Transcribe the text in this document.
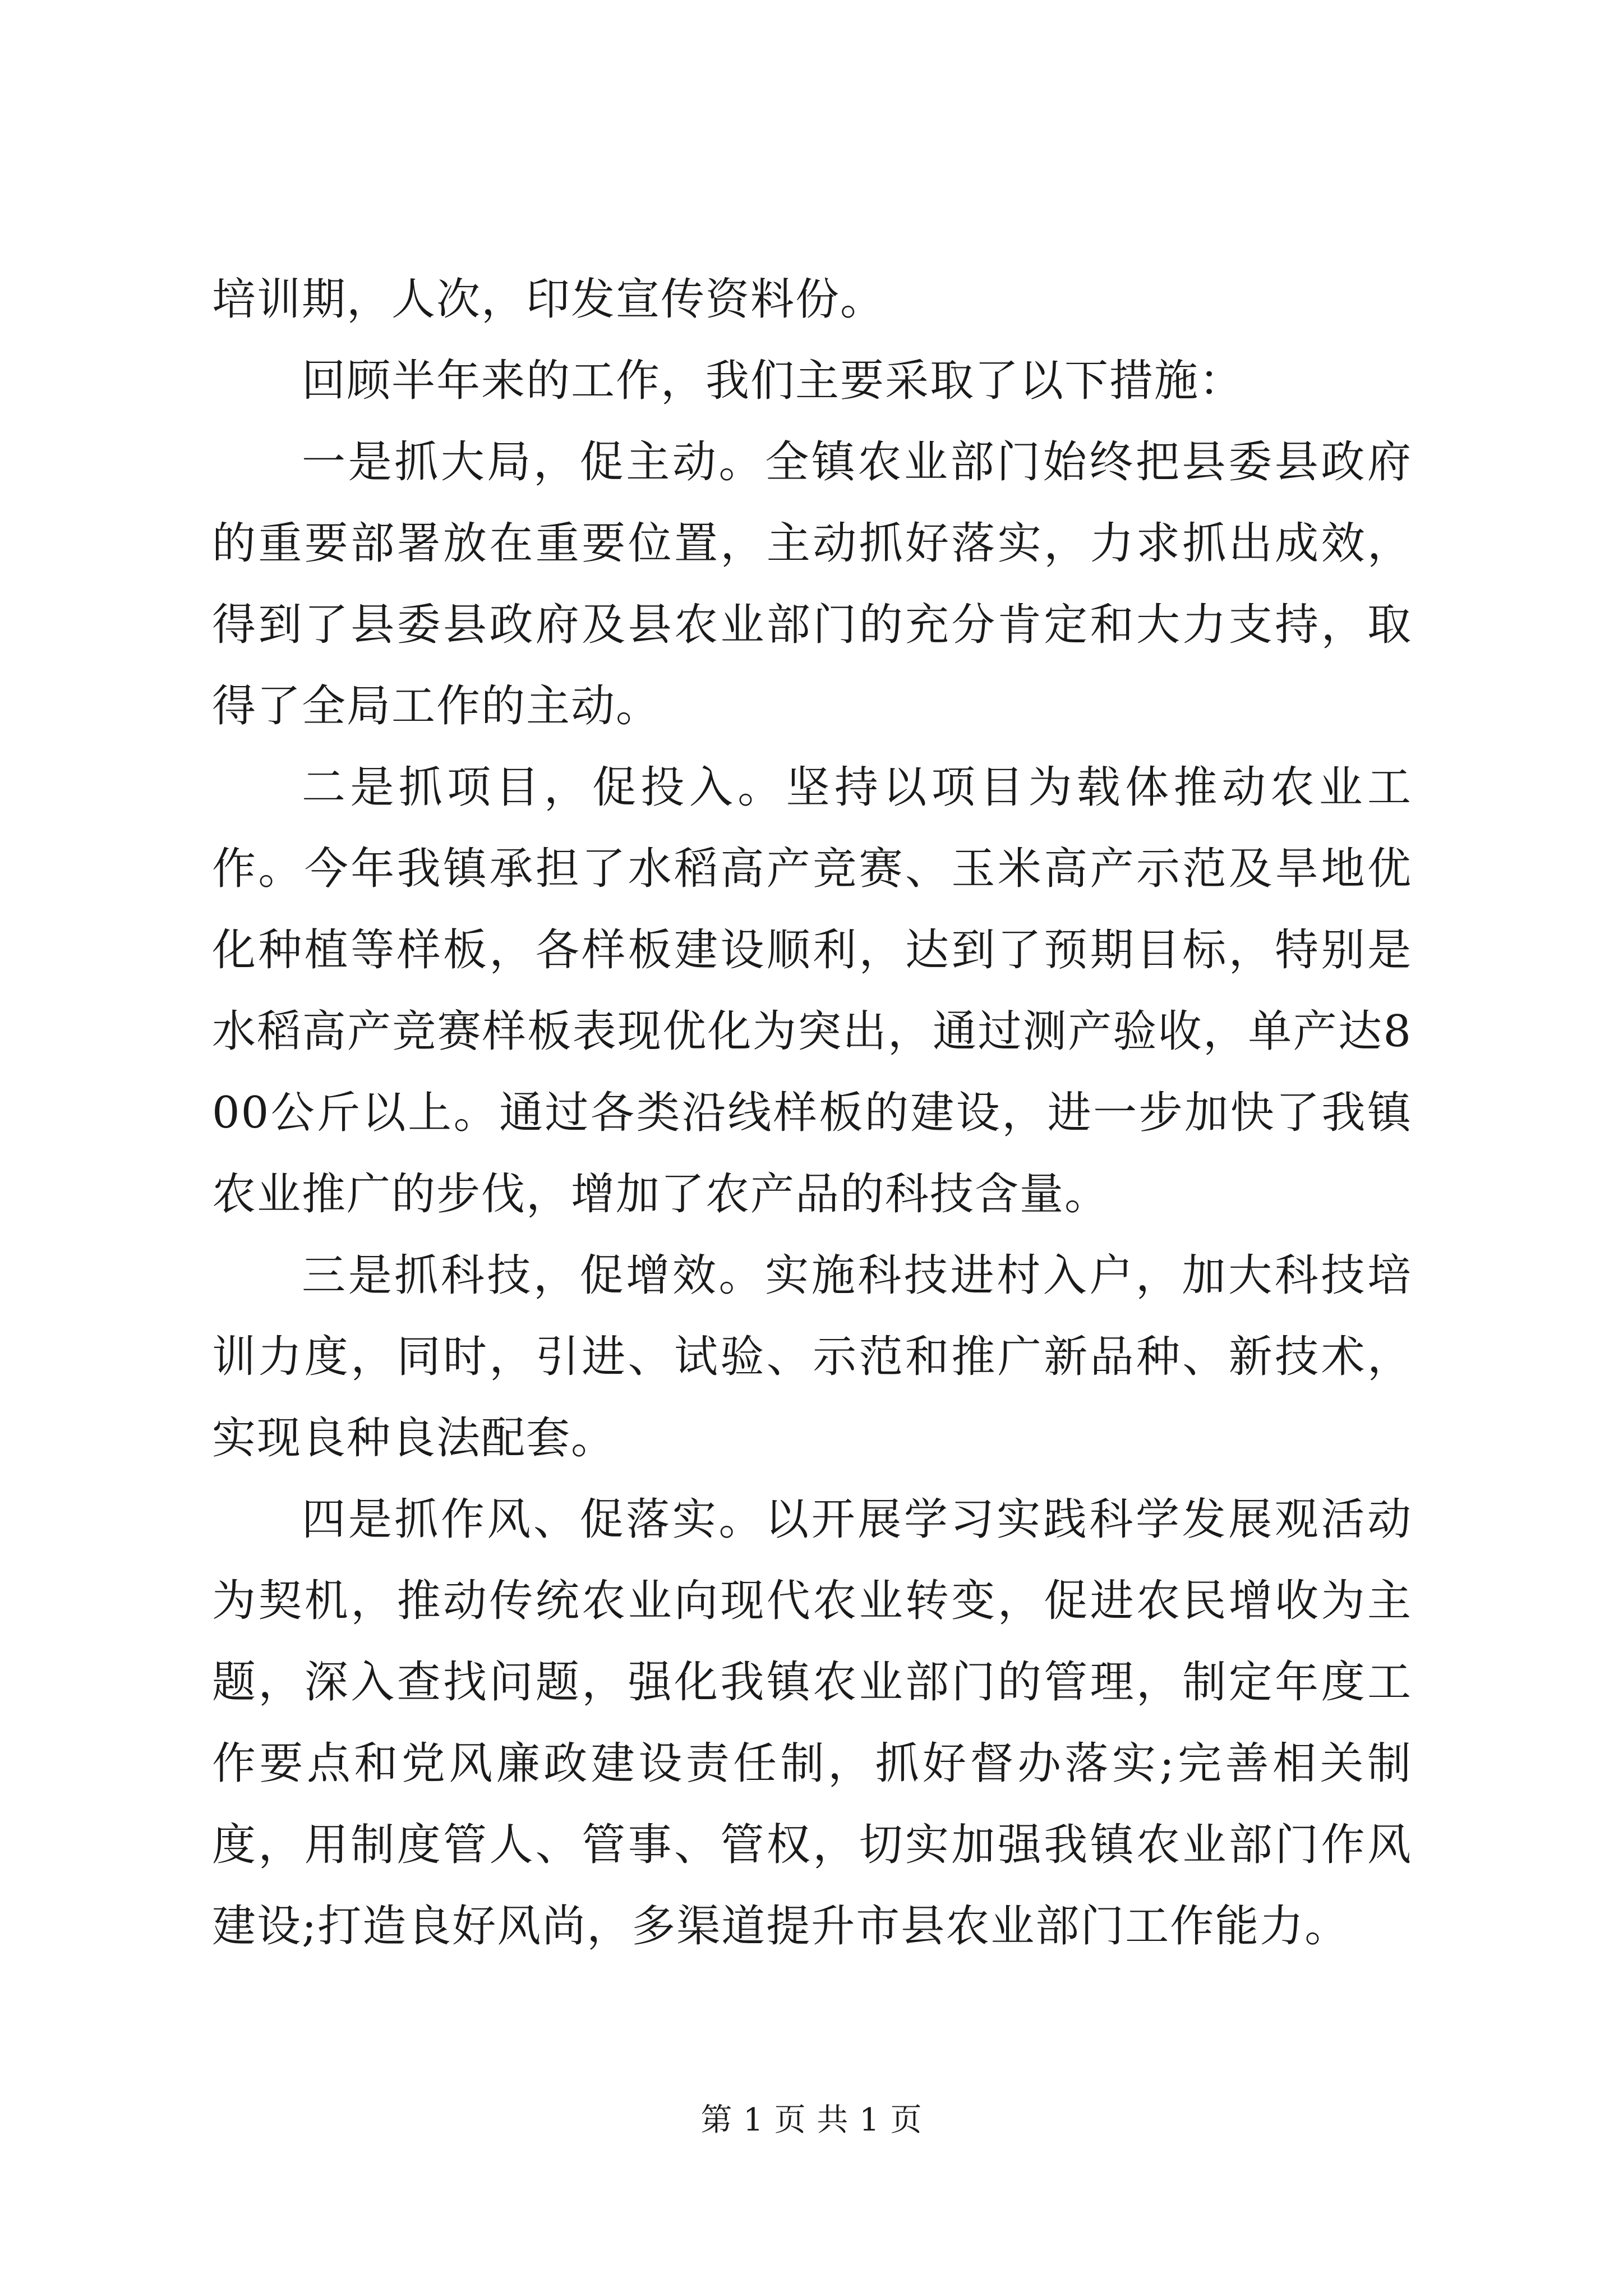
培训期，人次，印发宣传资料份。

回顾半年来的工作，我们主要采取了以下措施：

一是抓大局，促主动。全镇农业部门始终把县委县政府的重要部署放在重要位置，主动抓好落实，力求抓出成效，得到了县委县政府及县农业部门的充分肯定和大力支持，取得了全局工作的主动。

二是抓项目，促投入。坚持以项目为载体推动农业工作。今年我镇承担了水稻高产竞赛、玉米高产示范及旱地优化种植等样板，各样板建设顺利，达到了预期目标，特别是水稻高产竞赛样板表现优化为突出，通过测产验收，单产达800公斤以上。通过各类沿线样板的建设，进一步加快了我镇农业推广的步伐，增加了农产品的科技含量。

三是抓科技，促增效。实施科技进村入户，加大科技培训力度，同时，引进、试验、示范和推广新品种、新技术，实现良种良法配套。

四是抓作风、促落实。以开展学习实践科学发展观活动为契机，推动传统农业向现代农业转变，促进农民增收为主题，深入查找问题，强化我镇农业部门的管理，制定年度工作要点和党风廉政建设责任制，抓好督办落实;完善相关制度，用制度管人、管事、管权，切实加强我镇农业部门作风建设;打造良好风尚，多渠道提升市县农业部门工作能力。

第 1 页 共 1 页
